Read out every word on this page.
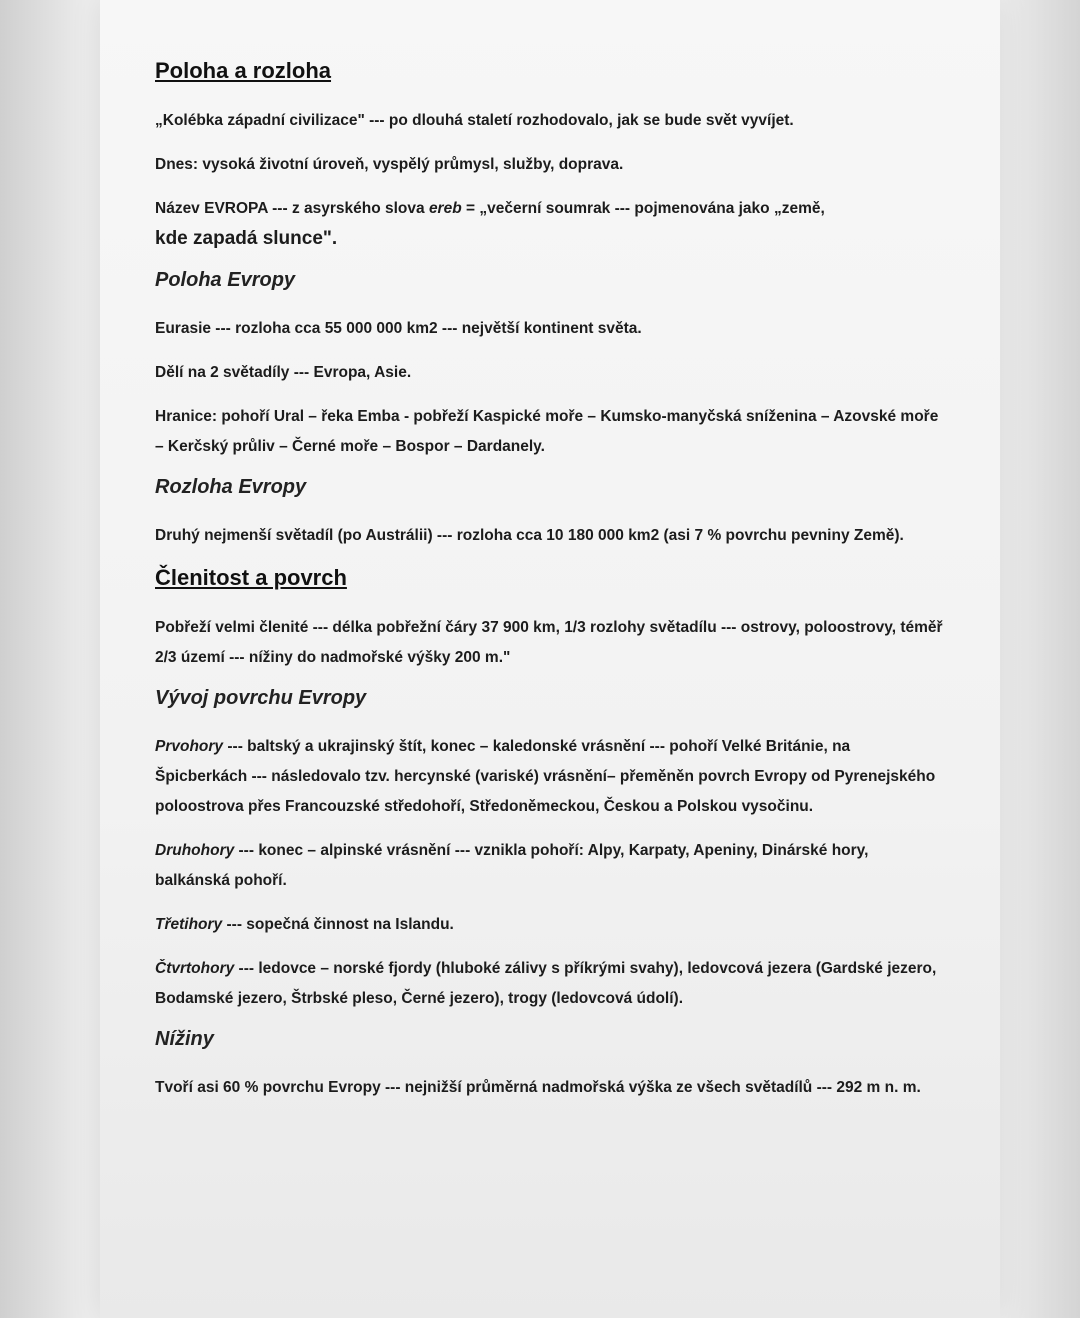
Poloha a rozloha
„Kolébka západní civilizace" --- po dlouhá staletí rozhodovalo, jak se bude svět vyvíjet.
Dnes: vysoká životní úroveň, vyspělý průmysl, služby, doprava.
Název EVROPA --- z asyrského slova ereb = „večerní soumrak --- pojmenována jako „země,
kde zapadá slunce".
Poloha Evropy
Eurasie --- rozloha cca 55 000 000 km2 --- největší kontinent světa.
Dělí na 2 světadíly --- Evropa, Asie.
Hranice: pohoří Ural – řeka Emba - pobřeží Kaspické moře – Kumsko-manyčská sníženina – Azovské moře – Kerčský průliv – Černé moře – Bospor – Dardanely.
Rozloha Evropy
Druhý nejmenší světadíl (po Austrálii) --- rozloha cca 10 180 000 km2 (asi 7 % povrchu pevniny Země).
Členitost a povrch
Pobřeží velmi členité --- délka pobřežní čáry 37 900 km, 1/3 rozlohy světadílu --- ostrovy, poloostrovy, téměř 2/3 území --- nížiny do nadmořské výšky 200 m."
Vývoj povrchu Evropy
Prvohory --- baltský a ukrajinský štít, konec – kaledonské vrásnění --- pohoří Velké Británie, na Špicberkách --- následovalo tzv. hercynské (variské) vrásnění– přeměněn povrch Evropy od Pyrenejského poloostrova přes Francouzské středohoří, Středoněmeckou, Českou a Polskou vysočinu.
Druhohory --- konec – alpinské vrásnění --- vznikla pohoří: Alpy, Karpaty, Apeniny, Dinárské hory, balkánská pohoří.
Třetihory --- sopečná činnost na Islandu.
Čtvrtohory --- ledovce – norské fjordy (hluboké zálivy s příkrými svahy), ledovcová jezera (Gardské jezero, Bodamské jezero, Štrbské pleso, Černé jezero), trogy (ledovcová údolí).
Nížiny
Tvoří asi 60 % povrchu Evropy --- nejnižší průměrná nadmořská výška ze všech světadílů --- 292 m n. m.
